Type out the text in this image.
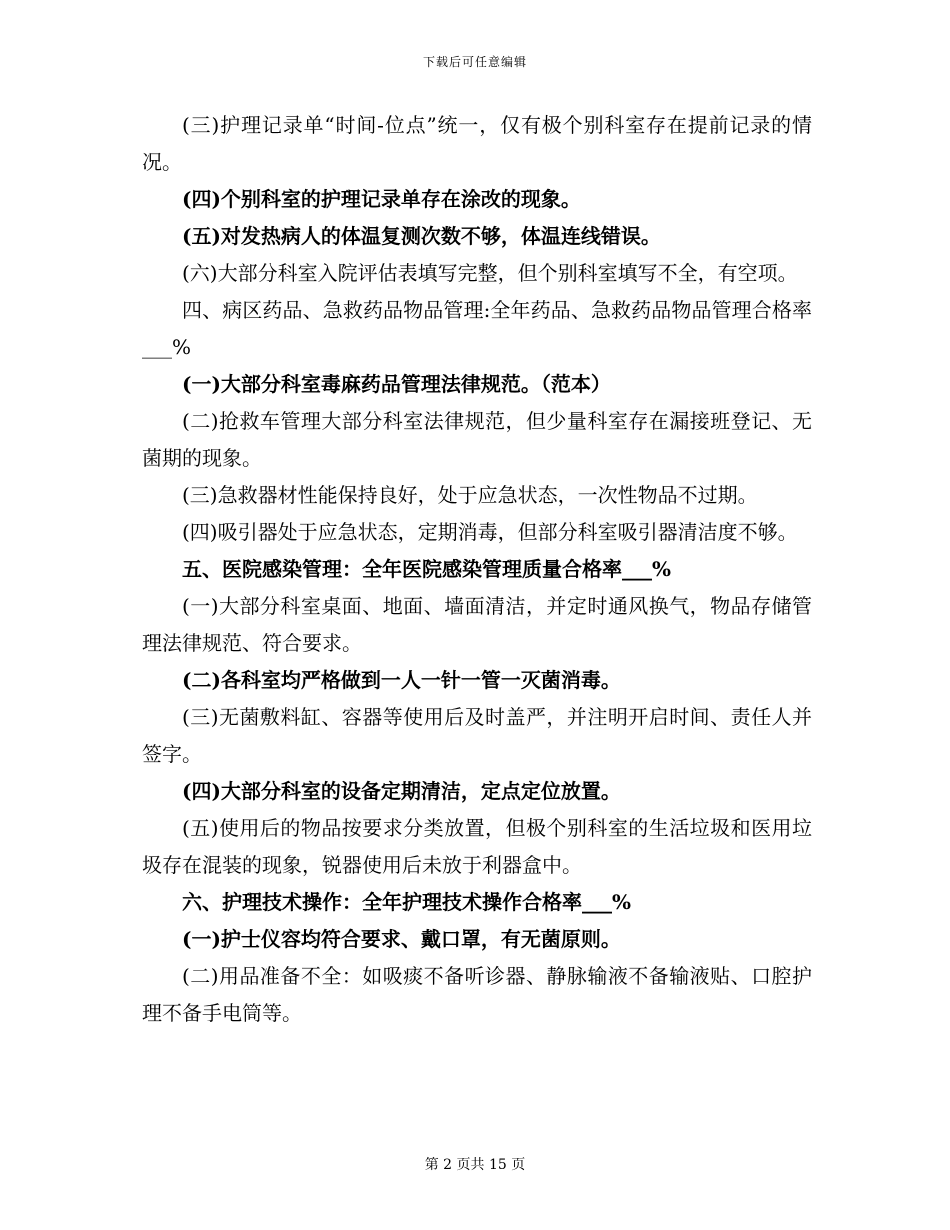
下载后可任意编辑

(三)护理记录单“时间-位点”统一，仅有极个别科室存在提前记录的情况。

(四)个别科室的护理记录单存在涂改的现象。

(五)对发热病人的体温复测次数不够，体温连线错误。

(六)大部分科室入院评估表填写完整，但个别科室填写不全，有空项。

四、病区药品、急救药品物品管理:全年药品、急救药品物品管理合格率___%

(一)大部分科室毒麻药品管理法律规范。（范本）

(二)抢救车管理大部分科室法律规范，但少量科室存在漏接班登记、无菌期的现象。

(三)急救器材性能保持良好，处于应急状态，一次性物品不过期。

(四)吸引器处于应急状态，定期消毒，但部分科室吸引器清洁度不够。

五、医院感染管理：全年医院感染管理质量合格率___%

(一)大部分科室桌面、地面、墙面清洁，并定时通风换气，物品存储管理法律规范、符合要求。

(二)各科室均严格做到一人一针一管一灭菌消毒。

(三)无菌敷料缸、容器等使用后及时盖严，并注明开启时间、责任人并签字。

(四)大部分科室的设备定期清洁，定点定位放置。

(五)使用后的物品按要求分类放置，但极个别科室的生活垃圾和医用垃圾存在混装的现象，锐器使用后未放于利器盒中。

六、护理技术操作：全年护理技术操作合格率___%

(一)护士仪容均符合要求、戴口罩，有无菌原则。

(二)用品准备不全：如吸痰不备听诊器、静脉输液不备输液贴、口腔护理不备手电筒等。

第 2 页共 15 页
